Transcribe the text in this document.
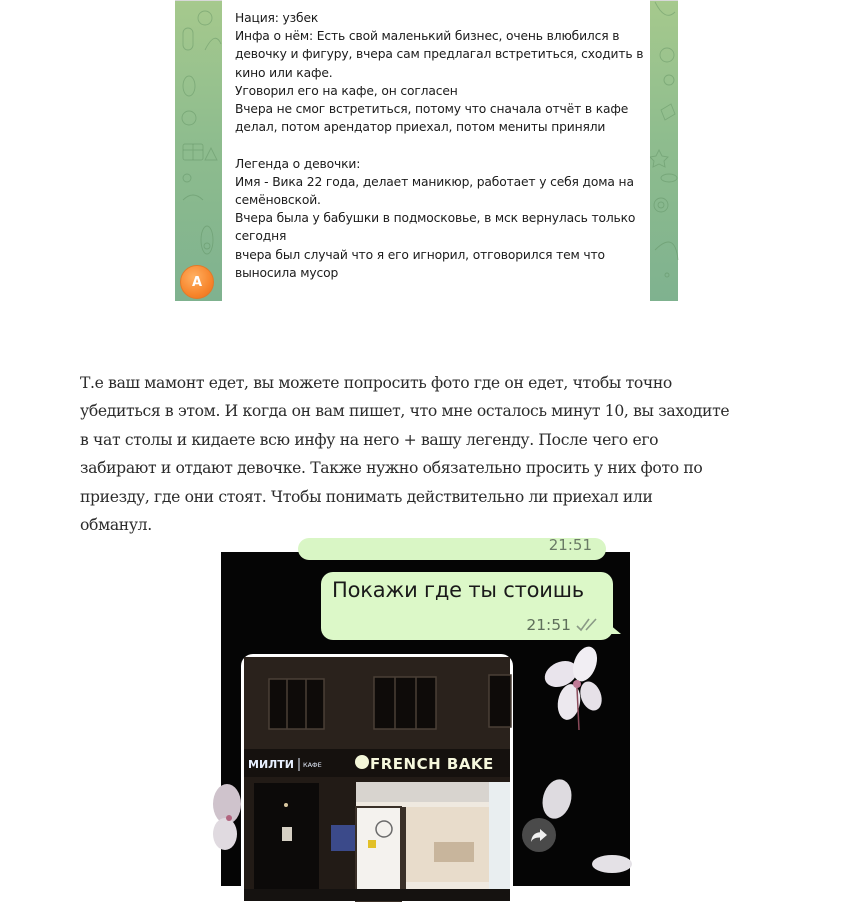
Нация: узбек
Инфа о нём: Есть свой маленький бизнес, очень влюбился в
девочку и фигуру, вчера сам предлагал встретиться, сходить в
кино или кафе.
Уговорил его на кафе, он согласен
Вчера не смог встретиться, потому что сначала отчёт в кафе
делал, потом арендатор приехал, потом мениты приняли
Легенда о девочки:
Имя - Вика 22 года, делает маникюр, работает у себя дома на
семёновской.
Вчера была у бабушки в подмосковье, в мск вернулась только
сегодня
вчера был случай что я его игнорил, отговорился тем что
выносила мусор
A
Т.е ваш мамонт едет, вы можете попросить фото где он едет, чтобы точно
убедиться в этом. И когда он вам пишет, что мне осталось минут 10, вы заходите
в чат столы и кидаете всю инфу на него + вашу легенду. После чего его
забирают и отдают девочке. Также нужно обязательно просить у них фото по
приезду, где они стоят. Чтобы понимать действительно ли приехал или
обманул.
21:51
Покажи где ты стоишь
21:51
МИЛТИ КАФЕ	FRENCH BAKE
